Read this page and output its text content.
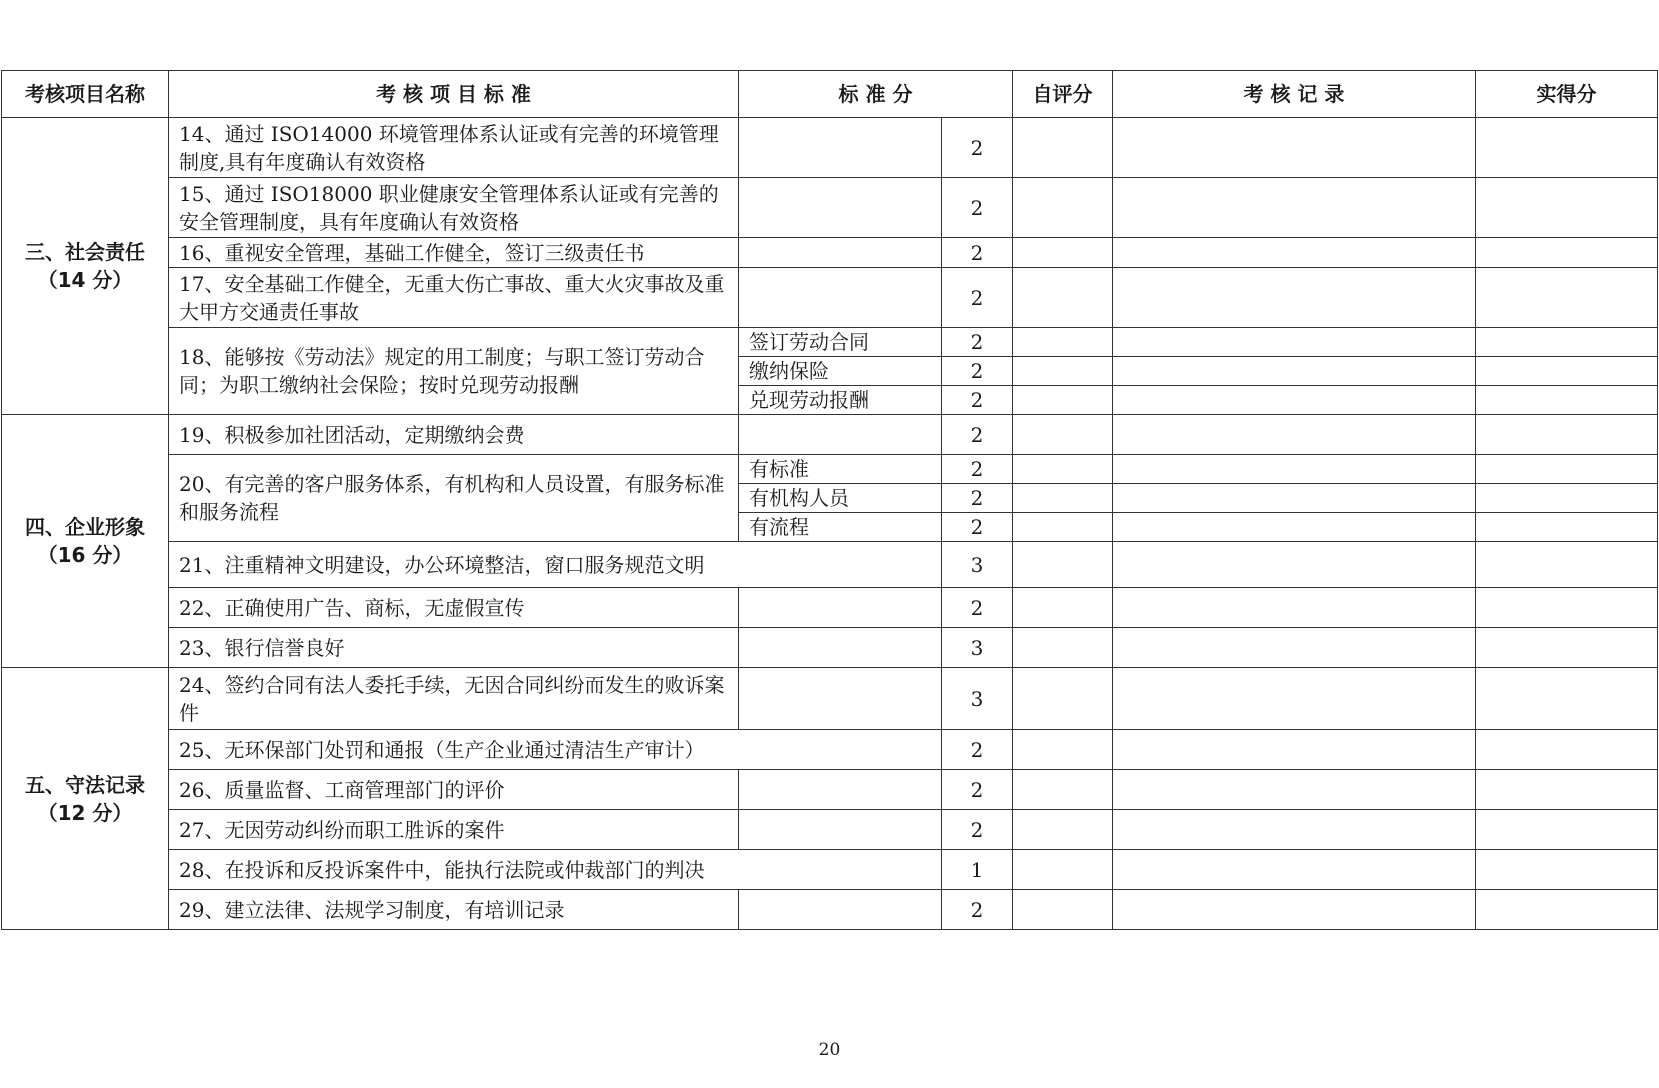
考核项目名称	考 核 项 目 标 准	标 准 分		自评分	考 核 记 录	实得分
三、社会责任
（14 分）	14、通过 ISO14000 环境管理体系认证或有完善的环境管理制度,具有年度确认有效资格		2			
	15、通过 ISO18000 职业健康安全管理体系认证或有完善的安全管理制度，具有年度确认有效资格		2			
	16、重视安全管理，基础工作健全，签订三级责任书		2			
	17、安全基础工作健全，无重大伤亡事故、重大火灾事故及重大甲方交通责任事故		2			
	18、能够按《劳动法》规定的用工制度；与职工签订劳动合同；为职工缴纳社会保险；按时兑现劳动报酬	签订劳动合同	2			
		缴纳保险	2			
		兑现劳动报酬	2			
四、企业形象
（16 分）	19、积极参加社团活动，定期缴纳会费		2			
	20、有完善的客户服务体系，有机构和人员设置，有服务标准和服务流程	有标准	2			
		有机构人员	2			
		有流程	2			
	21、注重精神文明建设，办公环境整洁，窗口服务规范文明		3			
	22、正确使用广告、商标，无虚假宣传		2			
	23、银行信誉良好		3			
五、守法记录
（12 分）	24、签约合同有法人委托手续，无因合同纠纷而发生的败诉案件		3			
	25、无环保部门处罚和通报（生产企业通过清洁生产审计）		2			
	26、质量监督、工商管理部门的评价		2			
	27、无因劳动纠纷而职工胜诉的案件		2			
	28、在投诉和反投诉案件中，能执行法院或仲裁部门的判决		1			
	29、建立法律、法规学习制度，有培训记录		2			
20
